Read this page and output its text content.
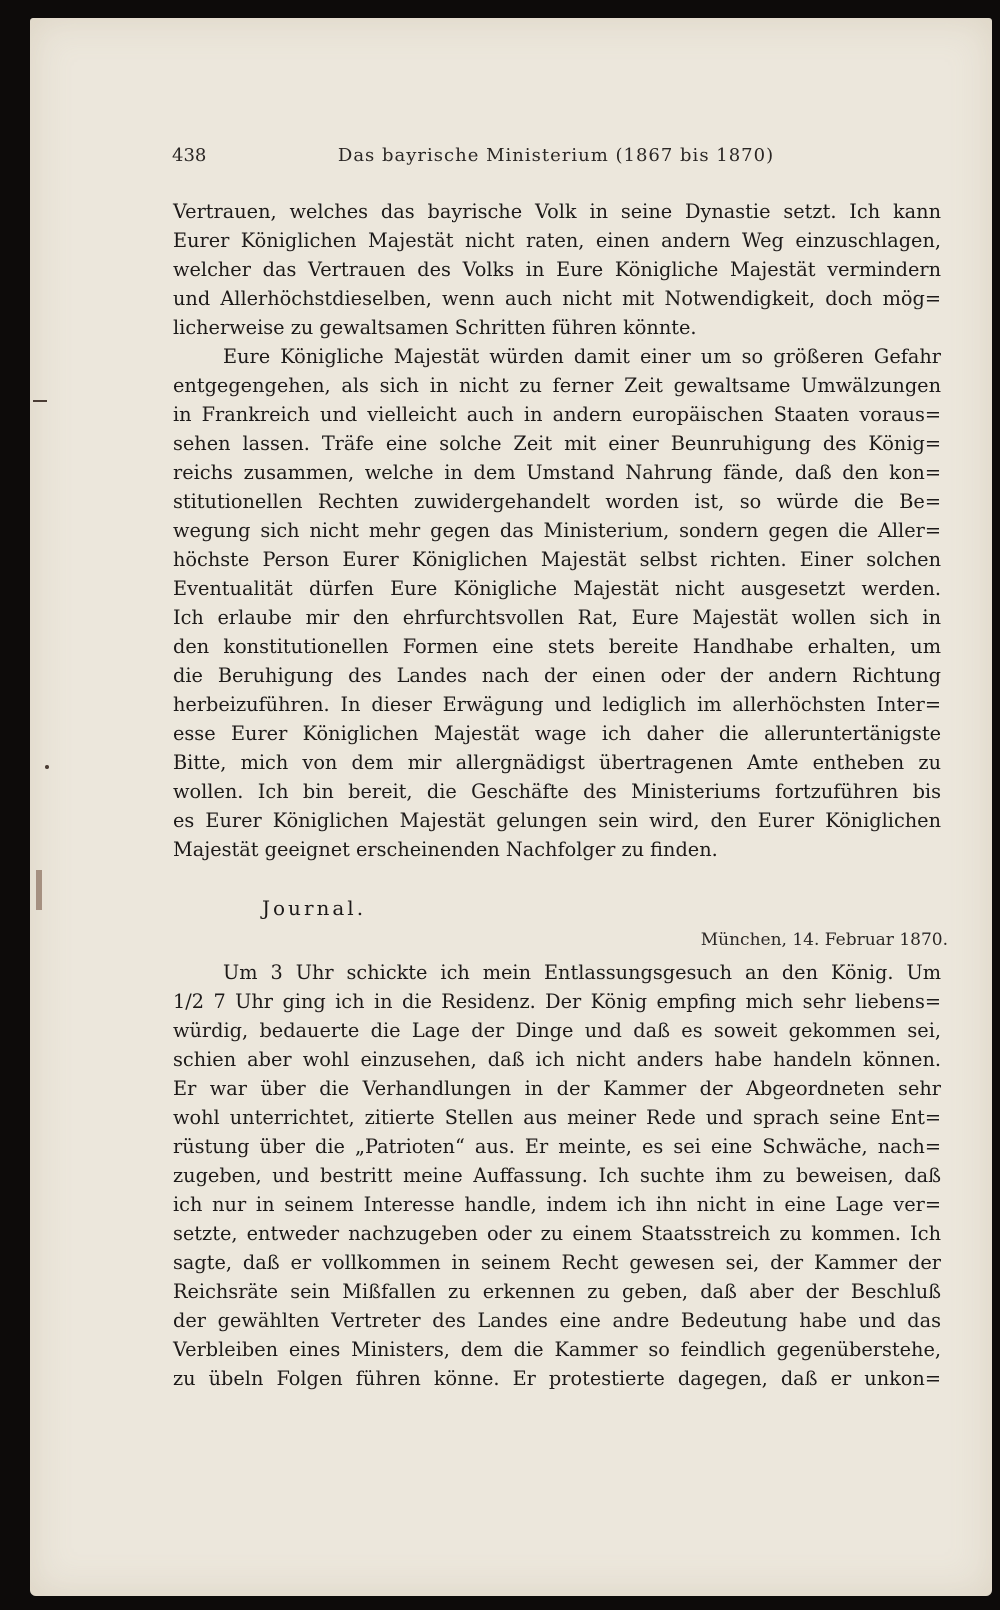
438	Das bayrische Ministerium (1867 bis 1870)
Vertrauen, welches das bayrische Volk in seine Dynastie setzt. Ich kann
Eurer Königlichen Majestät nicht raten, einen andern Weg einzuschlagen,
welcher das Vertrauen des Volks in Eure Königliche Majestät vermindern
und Allerhöchstdieselben, wenn auch nicht mit Notwendigkeit, doch mög=
licherweise zu gewaltsamen Schritten führen könnte.
Eure Königliche Majestät würden damit einer um so größeren Gefahr
entgegengehen, als sich in nicht zu ferner Zeit gewaltsame Umwälzungen
in Frankreich und vielleicht auch in andern europäischen Staaten voraus=
sehen lassen. Träfe eine solche Zeit mit einer Beunruhigung des König=
reichs zusammen, welche in dem Umstand Nahrung fände, daß den kon=
stitutionellen Rechten zuwidergehandelt worden ist, so würde die Be=
wegung sich nicht mehr gegen das Ministerium, sondern gegen die Aller=
höchste Person Eurer Königlichen Majestät selbst richten. Einer solchen
Eventualität dürfen Eure Königliche Majestät nicht ausgesetzt werden.
Ich erlaube mir den ehrfurchtsvollen Rat, Eure Majestät wollen sich in
den konstitutionellen Formen eine stets bereite Handhabe erhalten, um
die Beruhigung des Landes nach der einen oder der andern Richtung
herbeizuführen. In dieser Erwägung und lediglich im allerhöchsten Inter=
esse Eurer Königlichen Majestät wage ich daher die alleruntertänigste
Bitte, mich von dem mir allergnädigst übertragenen Amte entheben zu
wollen. Ich bin bereit, die Geschäfte des Ministeriums fortzuführen bis
es Eurer Königlichen Majestät gelungen sein wird, den Eurer Königlichen
Majestät geeignet erscheinenden Nachfolger zu finden.
Journal.
München, 14. Februar 1870.
Um 3 Uhr schickte ich mein Entlassungsgesuch an den König. Um
1/2 7 Uhr ging ich in die Residenz. Der König empfing mich sehr liebens=
würdig, bedauerte die Lage der Dinge und daß es soweit gekommen sei,
schien aber wohl einzusehen, daß ich nicht anders habe handeln können.
Er war über die Verhandlungen in der Kammer der Abgeordneten sehr
wohl unterrichtet, zitierte Stellen aus meiner Rede und sprach seine Ent=
rüstung über die „Patrioten“ aus. Er meinte, es sei eine Schwäche, nach=
zugeben, und bestritt meine Auffassung. Ich suchte ihm zu beweisen, daß
ich nur in seinem Interesse handle, indem ich ihn nicht in eine Lage ver=
setzte, entweder nachzugeben oder zu einem Staatsstreich zu kommen. Ich
sagte, daß er vollkommen in seinem Recht gewesen sei, der Kammer der
Reichsräte sein Mißfallen zu erkennen zu geben, daß aber der Beschluß
der gewählten Vertreter des Landes eine andre Bedeutung habe und das
Verbleiben eines Ministers, dem die Kammer so feindlich gegenüberstehe,
zu übeln Folgen führen könne. Er protestierte dagegen, daß er unkon=
